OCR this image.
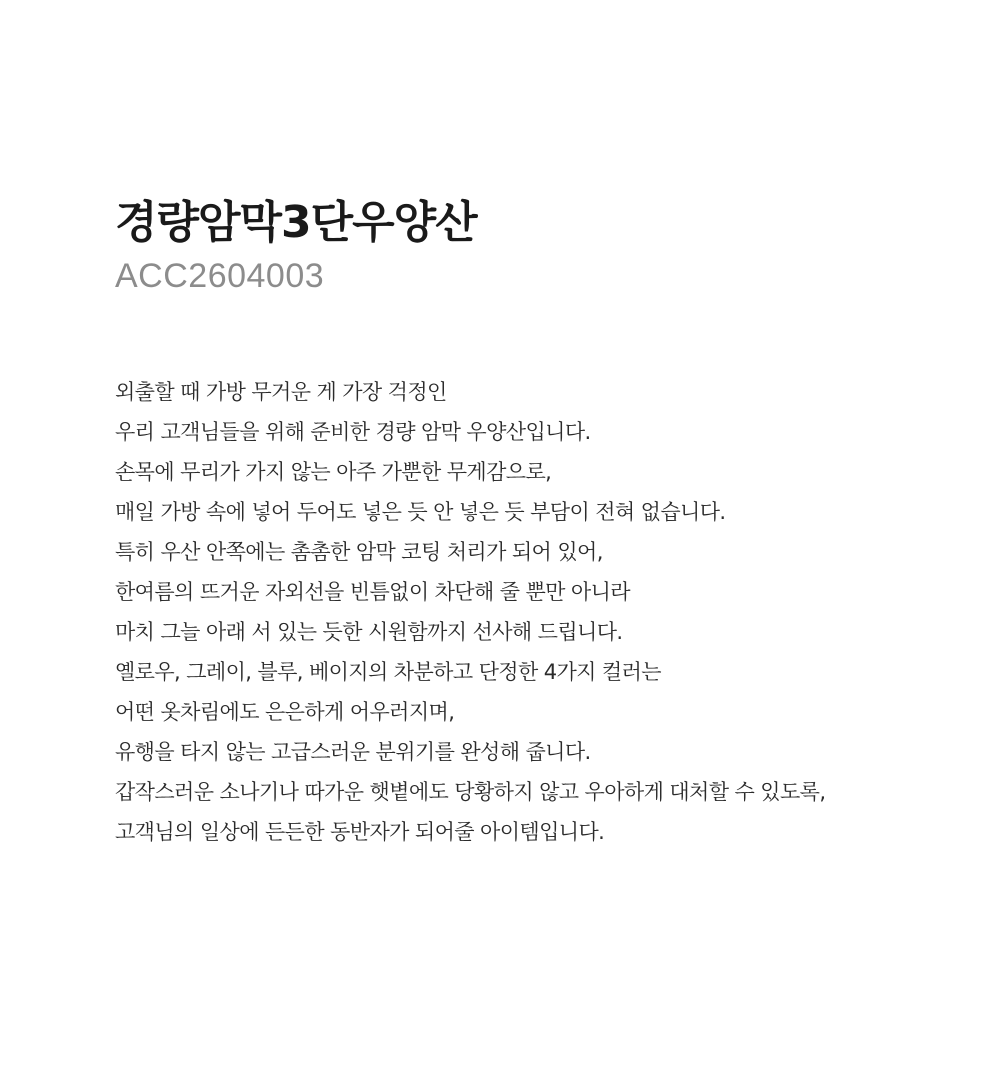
경량암막3단우양산
ACC2604003
외출할 때 가방 무거운 게 가장 걱정인
우리 고객님들을 위해 준비한 경량 암막 우양산입니다.
손목에 무리가 가지 않는 아주 가뿐한 무게감으로,
매일 가방 속에 넣어 두어도 넣은 듯 안 넣은 듯 부담이 전혀 없습니다.
특히 우산 안쪽에는 촘촘한 암막 코팅 처리가 되어 있어,
한여름의 뜨거운 자외선을 빈틈없이 차단해 줄 뿐만 아니라
마치 그늘 아래 서 있는 듯한 시원함까지 선사해 드립니다.
옐로우, 그레이, 블루, 베이지의 차분하고 단정한 4가지 컬러는
어떤 옷차림에도 은은하게 어우러지며,
유행을 타지 않는 고급스러운 분위기를 완성해 줍니다.
갑작스러운 소나기나 따가운 햇볕에도 당황하지 않고 우아하게 대처할 수 있도록,
고객님의 일상에 든든한 동반자가 되어줄 아이템입니다.
